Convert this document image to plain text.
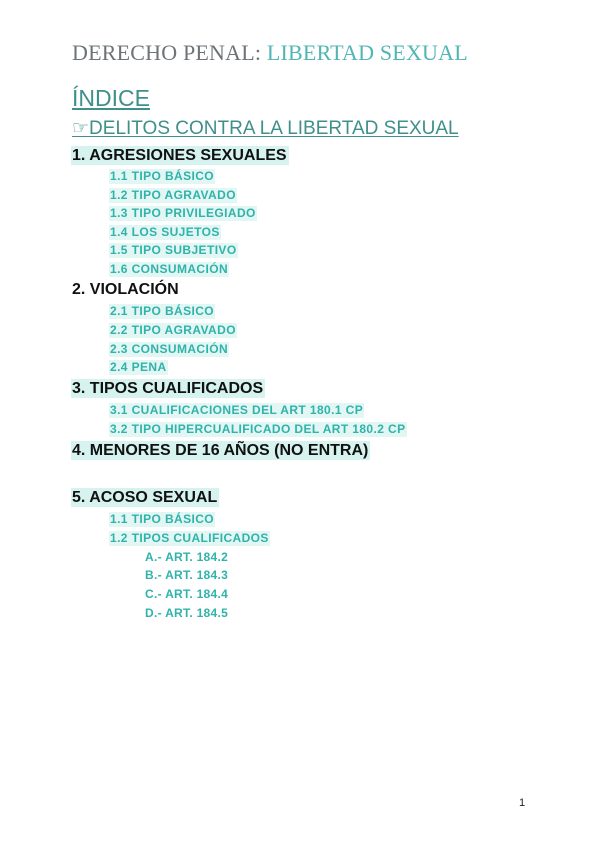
DERECHO PENAL: LIBERTAD SEXUAL
ÍNDICE
☞DELITOS CONTRA LA LIBERTAD SEXUAL
1. AGRESIONES SEXUALES
1.1 TIPO BÁSICO
1.2 TIPO AGRAVADO
1.3 TIPO PRIVILEGIADO
1.4 LOS SUJETOS
1.5 TIPO SUBJETIVO
1.6 CONSUMACIÓN
2. VIOLACIÓN
2.1 TIPO BÁSICO
2.2 TIPO AGRAVADO
2.3 CONSUMACIÓN
2.4 PENA
3. TIPOS CUALIFICADOS
3.1 CUALIFICACIONES DEL ART 180.1 CP
3.2 TIPO HIPERCUALIFICADO DEL ART 180.2 CP
4. MENORES DE 16 AÑOS (NO ENTRA)
5. ACOSO SEXUAL
1.1 TIPO BÁSICO
1.2 TIPOS CUALIFICADOS
A.- ART. 184.2
B.- ART. 184.3
C.- ART. 184.4
D.- ART. 184.5
1
